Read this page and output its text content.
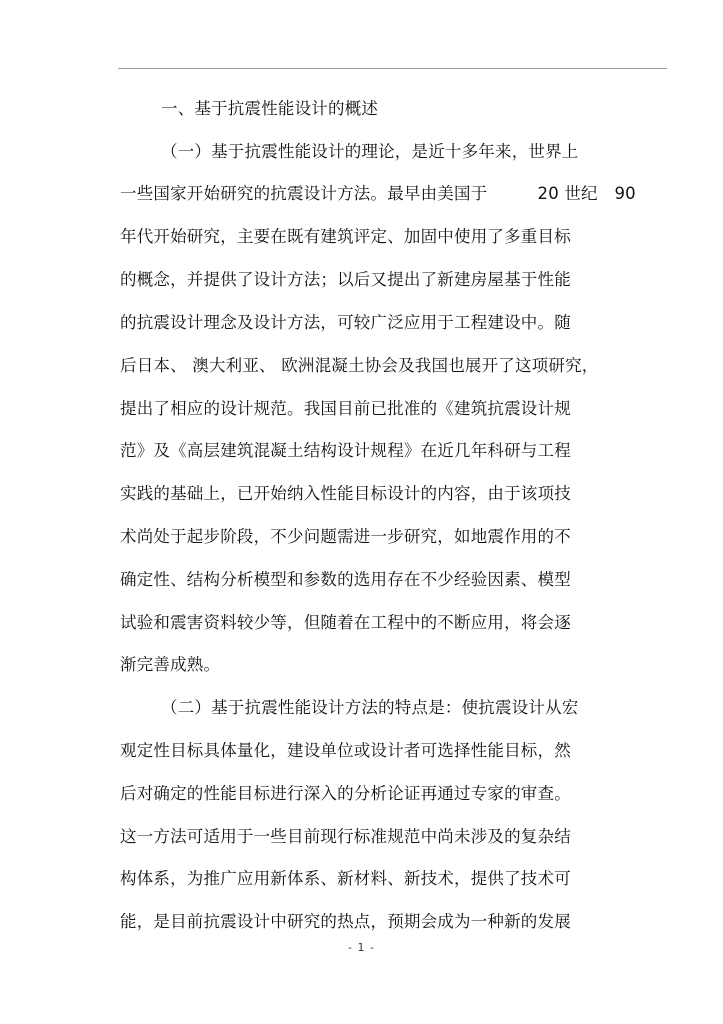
一、基于抗震性能设计的概述
（一）基于抗震性能设计的理论，是近十多年来，世界上
一些国家开始研究的抗震设计方法。最早由美国于　　　20 世纪　90
年代开始研究，主要在既有建筑评定、加固中使用了多重目标
的概念，并提供了设计方法；以后又提出了新建房屋基于性能
的抗震设计理念及设计方法，可较广泛应用于工程建设中。随
后日本、 澳大利亚、 欧洲混凝土协会及我国也展开了这项研究，
提出了相应的设计规范。我国目前已批准的《建筑抗震设计规
范》及《高层建筑混凝土结构设计规程》在近几年科研与工程
实践的基础上，已开始纳入性能目标设计的内容，由于该项技
术尚处于起步阶段，不少问题需进一步研究，如地震作用的不
确定性、结构分析模型和参数的选用存在不少经验因素、模型
试验和震害资料较少等，但随着在工程中的不断应用，将会逐
渐完善成熟。
（二）基于抗震性能设计方法的特点是：使抗震设计从宏
观定性目标具体量化，建设单位或设计者可选择性能目标，然
后对确定的性能目标进行深入的分析论证再通过专家的审查。
这一方法可适用于一些目前现行标准规范中尚未涉及的复杂结
构体系，为推广应用新体系、新材料、新技术，提供了技术可
能，是目前抗震设计中研究的热点，预期会成为一种新的发展
- 1 -
